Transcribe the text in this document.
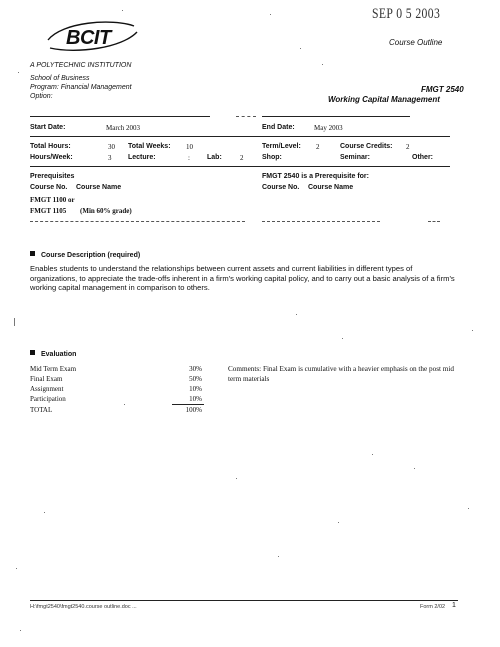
SEP 0 5 2003
Course Outline
BCIT
A POLYTECHNIC INSTITUTION
School of Business
Program: Financial Management
Option:
FMGT 2540
Working Capital Management
Start Date:	March 2003	End Date:	May 2003
Total Hours:	30 Total Weeks: 10	Term/Level: 2	Course Credits: 2
Hours/Week:	3 Lecture:	: Lab:	2	Shop:	Seminar:	Other:
Prerequisites
Course No. Course Name
FMGT 1100 or
FMGT 1105 (Min 60% grade)
FMGT 2540 is a Prerequisite for:
Course No. Course Name
Course Description (required)
Enables students to understand the relationships between current assets and current liabilities in different types of organizations, to appreciate the trade-offs inherent in a firm's working capital policy, and to carry out a basic analysis of a firm's working capital management in comparison to others.
Evaluation
Mid Term Exam	30%
Final Exam	50%
Assignment	10%
Participation	10%
TOTAL	100%
Comments: Final Exam is cumulative with a heavier emphasis on the post mid term materials
H:\fmgt2540\fmgt2540.course outline.doc ...	Form 2/02 1
